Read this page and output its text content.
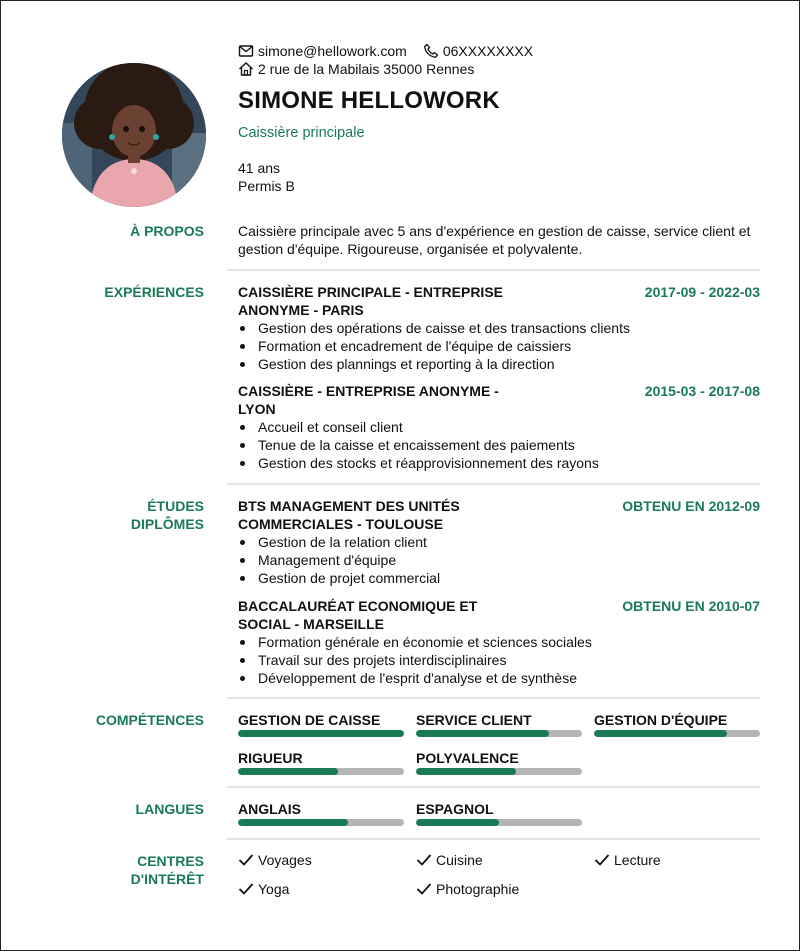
simone@hellowork.com	06XXXXXXXX
2 rue de la Mabilais 35000 Rennes
SIMONE HELLOWORK
Caissière principale
41 ans
Permis B
À PROPOS Caissière principale avec 5 ans d'expérience en gestion de caisse, service client et gestion d'équipe. Rigoureuse, organisée et polyvalente.
EXPÉRIENCES CAISSIÈRE PRINCIPALE - ENTREPRISE ANONYME - PARIS
2017-09 - 2022-03
Gestion des opérations de caisse et des transactions clients
Formation et encadrement de l'équipe de caissiers
Gestion des plannings et reporting à la direction
CAISSIÈRE - ENTREPRISE ANONYME - LYON
2015-03 - 2017-08
Accueil et conseil client
Tenue de la caisse et encaissement des paiements
Gestion des stocks et réapprovisionnement des rayons
ÉTUDES
DIPLÔMES
BTS MANAGEMENT DES UNITÉS COMMERCIALES - TOULOUSE
OBTENU EN 2012-09
Gestion de la relation client
Management d'équipe
Gestion de projet commercial
BACCALAURÉAT ECONOMIQUE ET SOCIAL - MARSEILLE
OBTENU EN 2010-07
Formation générale en économie et sciences sociales
Travail sur des projets interdisciplinaires
Développement de l'esprit d'analyse et de synthèse
COMPÉTENCES GESTION DE CAISSE	SERVICE CLIENT	GESTION D'ÉQUIPE
RIGUEUR	POLYVALENCE
LANGUES ANGLAIS	ESPAGNOL
CENTRES
D'INTÉRÊT
Voyages	Cuisine	Lecture
Yoga	Photographie
